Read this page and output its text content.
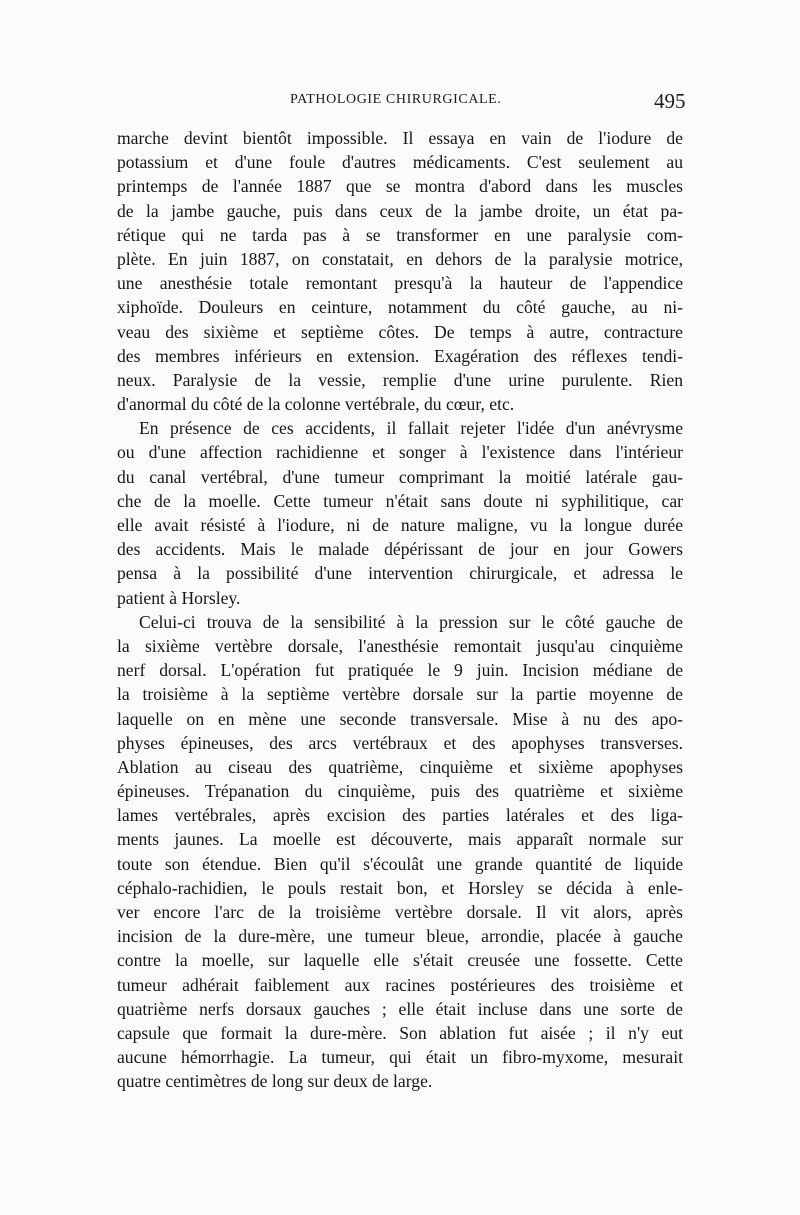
PATHOLOGIE CHIRURGICALE.	495
marche devint bientôt impossible. Il essaya en vain de l'iodure de
potassium et d'une foule d'autres médicaments. C'est seulement au
printemps de l'année 1887 que se montra d'abord dans les muscles
de la jambe gauche, puis dans ceux de la jambe droite, un état pa-
rétique qui ne tarda pas à se transformer en une paralysie com-
plète. En juin 1887, on constatait, en dehors de la paralysie motrice,
une anesthésie totale remontant presqu'à la hauteur de l'appendice
xiphoïde. Douleurs en ceinture, notamment du côté gauche, au ni-
veau des sixième et septième côtes. De temps à autre, contracture
des membres inférieurs en extension. Exagération des réflexes tendi-
neux. Paralysie de la vessie, remplie d'une urine purulente. Rien
d'anormal du côté de la colonne vertébrale, du cœur, etc.
En présence de ces accidents, il fallait rejeter l'idée d'un anévrysme
ou d'une affection rachidienne et songer à l'existence dans l'intérieur
du canal vertébral, d'une tumeur comprimant la moitié latérale gau-
che de la moelle. Cette tumeur n'était sans doute ni syphilitique, car
elle avait résisté à l'iodure, ni de nature maligne, vu la longue durée
des accidents. Mais le malade dépérissant de jour en jour Gowers
pensa à la possibilité d'une intervention chirurgicale, et adressa le
patient à Horsley.
Celui-ci trouva de la sensibilité à la pression sur le côté gauche de
la sixième vertèbre dorsale, l'anesthésie remontait jusqu'au cinquième
nerf dorsal. L'opération fut pratiquée le 9 juin. Incision médiane de
la troisième à la septième vertèbre dorsale sur la partie moyenne de
laquelle on en mène une seconde transversale. Mise à nu des apo-
physes épineuses, des arcs vertébraux et des apophyses transverses.
Ablation au ciseau des quatrième, cinquième et sixième apophyses
épineuses. Trépanation du cinquième, puis des quatrième et sixième
lames vertébrales, après excision des parties latérales et des liga-
ments jaunes. La moelle est découverte, mais apparaît normale sur
toute son étendue. Bien qu'il s'écoulât une grande quantité de liquide
céphalo-rachidien, le pouls restait bon, et Horsley se décida à enle-
ver encore l'arc de la troisième vertèbre dorsale. Il vit alors, après
incision de la dure-mère, une tumeur bleue, arrondie, placée à gauche
contre la moelle, sur laquelle elle s'était creusée une fossette. Cette
tumeur adhérait faiblement aux racines postérieures des troisième et
quatrième nerfs dorsaux gauches ; elle était incluse dans une sorte de
capsule que formait la dure-mère. Son ablation fut aisée ; il n'y eut
aucune hémorrhagie. La tumeur, qui était un fibro-myxome, mesurait
quatre centimètres de long sur deux de large.
